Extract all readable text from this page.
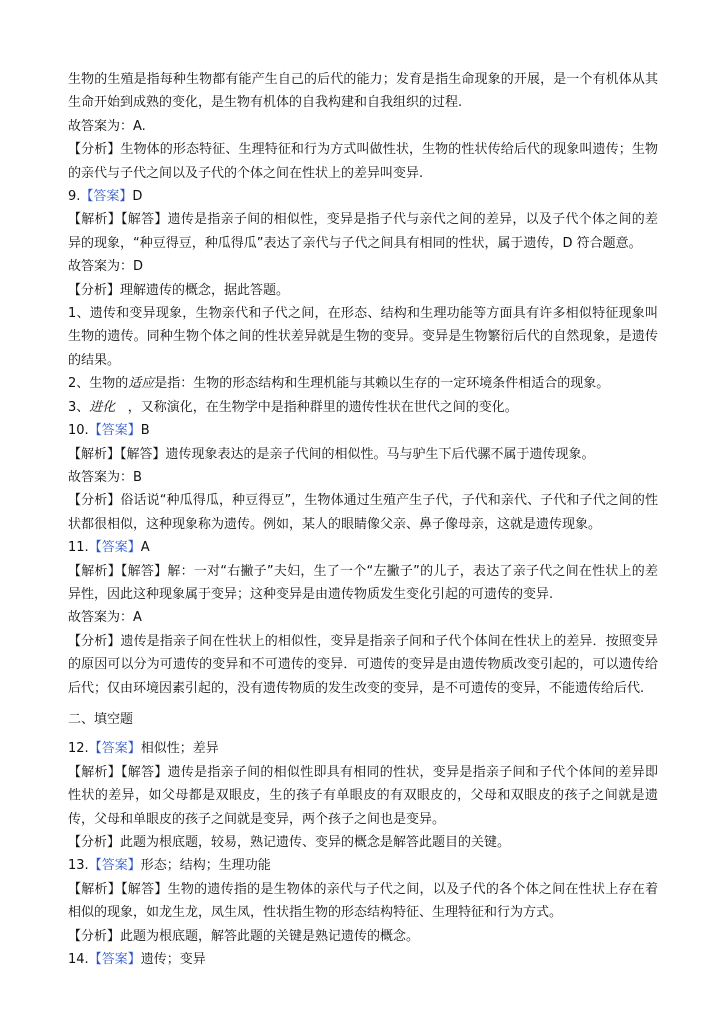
生物的生殖是指每种生物都有能产生自己的后代的能力；发育是指生命现象的开展，是一个有机体从其生命开始到成熟的变化，是生物有机体的自我构建和自我组织的过程.

故答案为：A.

【分析】生物体的形态特征、生理特征和行为方式叫做性状，生物的性状传给后代的现象叫遗传；生物的亲代与子代之间以及子代的个体之间在性状上的差异叫变异.

9.【答案】D

【解析】【解答】遗传是指亲子间的相似性，变异是指子代与亲代之间的差异，以及子代个体之间的差异的现象，“种豆得豆，种瓜得瓜”表达了亲代与子代之间具有相同的性状，属于遗传，D 符合题意。

故答案为：D

【分析】理解遗传的概念，据此答题。

1、遗传和变异现象，生物亲代和子代之间，在形态、结构和生理功能等方面具有许多相似特征现象叫生物的遗传。同种生物个体之间的性状差异就是生物的变异。变异是生物繁衍后代的自然现象，是遗传的结果。

2、生物的适应是指：生物的形态结构和生理机能与其赖以生存的一定环境条件相适合的现象。

3、进化   ，又称演化，在生物学中是指种群里的遗传性状在世代之间的变化。

10.【答案】B

【解析】【解答】遗传现象表达的是亲子代间的相似性。马与驴生下后代骡不属于遗传现象。

故答案为：B

【分析】俗话说“种瓜得瓜，种豆得豆”，生物体通过生殖产生子代，子代和亲代、子代和子代之间的性状都很相似，这种现象称为遗传。例如，某人的眼睛像父亲、鼻子像母亲，这就是遗传现象。

11.【答案】A

【解析】【解答】解：一对“右撇子”夫妇，生了一个“左撇子”的儿子，表达了亲子代之间在性状上的差异性，因此这种现象属于变异；这种变异是由遗传物质发生变化引起的可遗传的变异.

故答案为：A

【分析】遗传是指亲子间在性状上的相似性，变异是指亲子间和子代个体间在性状上的差异．按照变异的原因可以分为可遗传的变异和不可遗传的变异．可遗传的变异是由遗传物质改变引起的，可以遗传给后代；仅由环境因素引起的，没有遗传物质的发生改变的变异，是不可遗传的变异，不能遗传给后代.

二、填空题

12.【答案】相似性；差异

【解析】【解答】遗传是指亲子间的相似性即具有相同的性状，变异是指亲子间和子代个体间的差异即性状的差异，如父母都是双眼皮，生的孩子有单眼皮的有双眼皮的，父母和双眼皮的孩子之间就是遗传，父母和单眼皮的孩子之间就是变异，两个孩子之间也是变异。

【分析】此题为根底题，较易，熟记遗传、变异的概念是解答此题目的关键。

13.【答案】形态；结构；生理功能

【解析】【解答】生物的遗传指的是生物体的亲代与子代之间，以及子代的各个体之间在性状上存在着相似的现象，如龙生龙，凤生凤，性状指生物的形态结构特征、生理特征和行为方式。

【分析】此题为根底题，解答此题的关键是熟记遗传的概念。

14.【答案】遗传；变异
